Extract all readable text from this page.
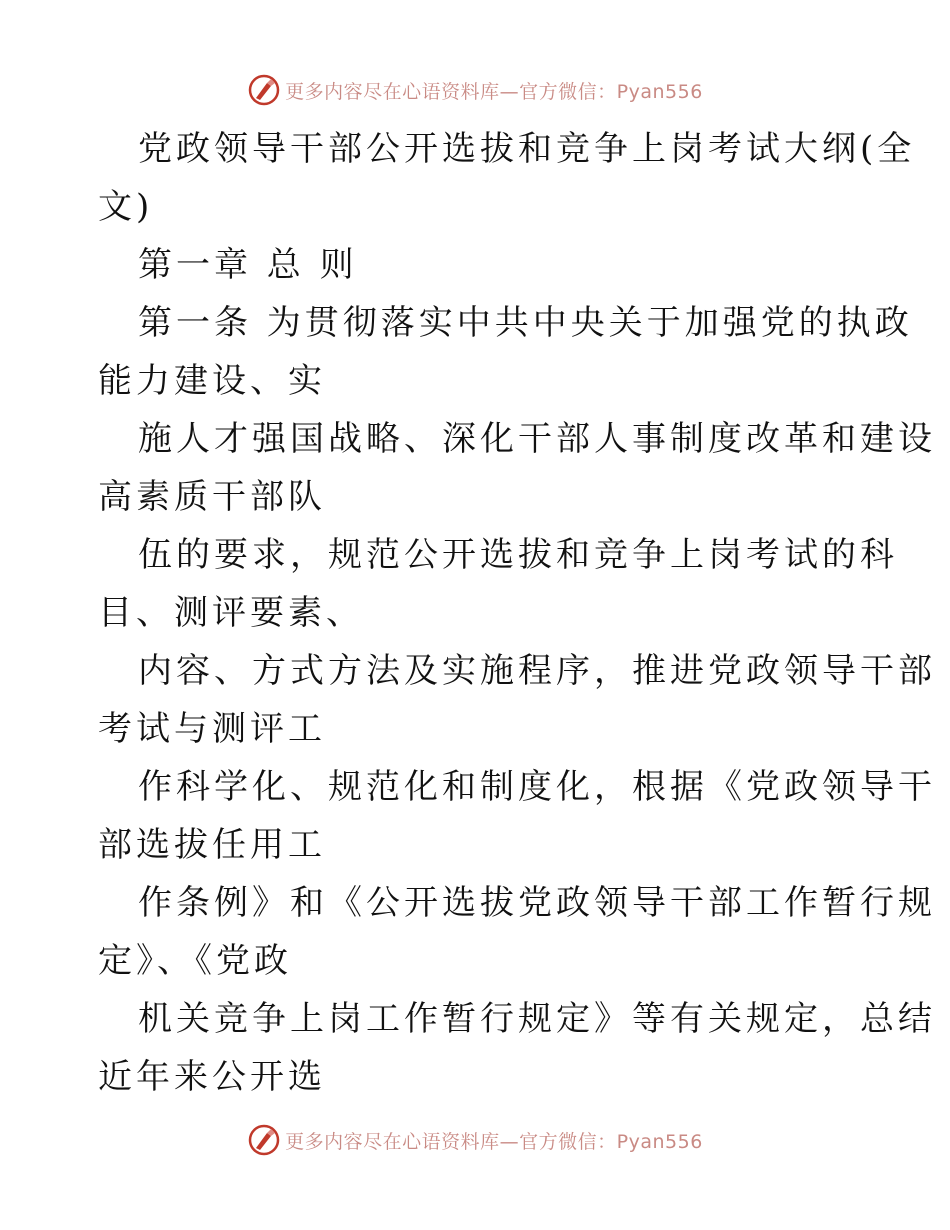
更多内容尽在心语资料库—官方微信：Pyan556
党政领导干部公开选拔和竞争上岗考试大纲(全
文)
第一章 总 则
第一条 为贯彻落实中共中央关于加强党的执政
能力建设、实
施人才强国战略、深化干部人事制度改革和建设
高素质干部队
伍的要求，规范公开选拔和竞争上岗考试的科
目、测评要素、
内容、方式方法及实施程序，推进党政领导干部
考试与测评工
作科学化、规范化和制度化，根据《党政领导干
部选拔任用工
作条例》和《公开选拔党政领导干部工作暂行规
定》、《党政
机关竞争上岗工作暂行规定》等有关规定，总结
近年来公开选
更多内容尽在心语资料库—官方微信：Pyan556
